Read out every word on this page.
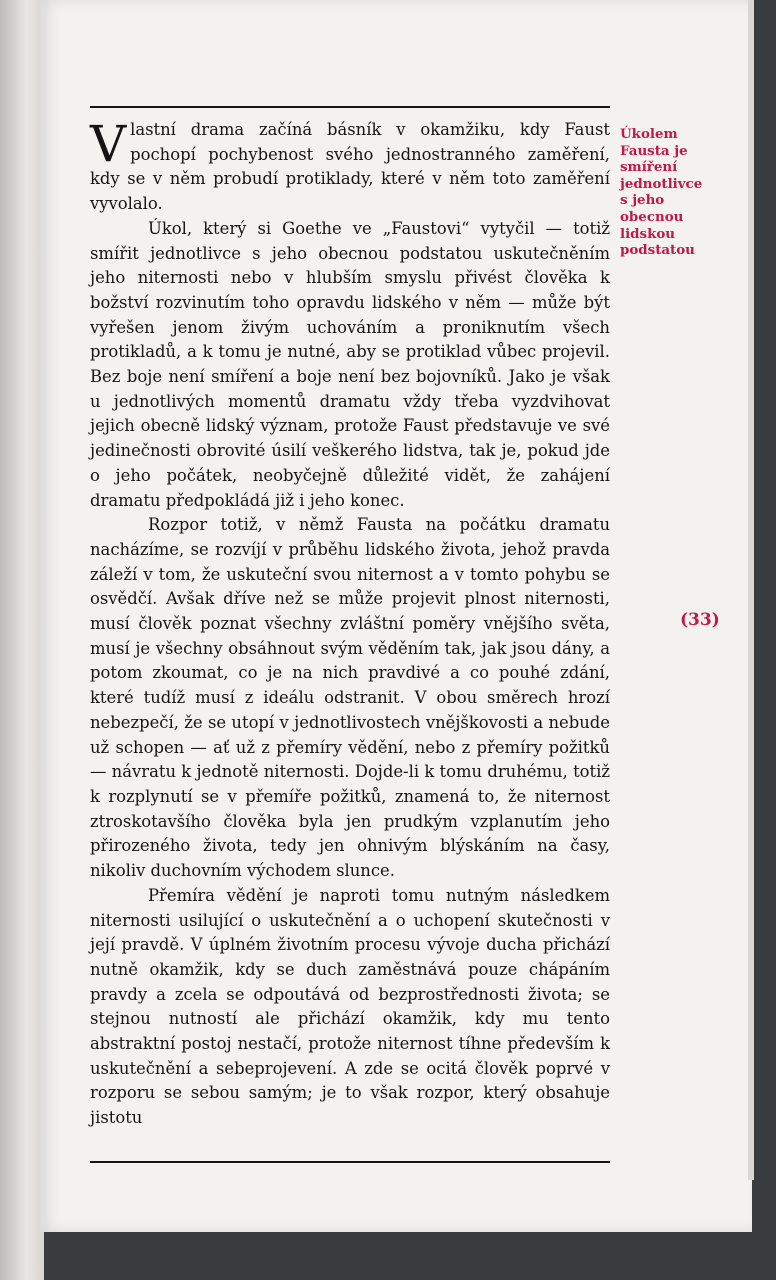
Vlastní drama začíná básník v okamžiku, kdy Faust pochopí pochybenost svého jednostranného zaměření, kdy se v něm probudí protiklady, které v něm toto zaměření vyvolalo.

Úkol, který si Goethe ve „Faustovi“ vytyčil — totiž smířit jednotlivce s jeho obecnou podstatou uskutečněním jeho niternosti nebo v hlubším smyslu přivést člověka k božství rozvinutím toho opravdu lidského v něm — může být vyřešen jenom živým uchováním a proniknutím všech protikladů, a k tomu je nutné, aby se protiklad vůbec projevil. Bez boje není smíření a boje není bez bojovníků. Jako je však u jednotlivých momentů dramatu vždy třeba vyzdvihovat jejich obecně lidský význam, protože Faust představuje ve své jedinečnosti obrovité úsilí veškerého lidstva, tak je, pokud jde o jeho počátek, neobyčejně důležité vidět, že zahájení dramatu předpokládá již i jeho konec.

Rozpor totiž, v němž Fausta na počátku dramatu nacházíme, se rozvíjí v průběhu lidského života, jehož pravda záleží v tom, že uskuteční svou niternost a v tomto pohybu se osvědčí. Avšak dříve než se může projevit plnost niternosti, musí člověk poznat všechny zvláštní poměry vnějšího světa, musí je všechny obsáhnout svým věděním tak, jak jsou dány, a potom zkoumat, co je na nich pravdivé a co pouhé zdání, které tudíž musí z ideálu odstranit. V obou směrech hrozí nebezpečí, že se utopí v jednotlivostech vnějškovosti a nebude už schopen — ať už z přemíry vědění, nebo z přemíry požitků — návratu k jednotě niternosti. Dojde-li k tomu druhému, totiž k rozplynutí se v přemíře požitků, znamená to, že niternost ztroskotavšího člověka byla jen prudkým vzplanutím jeho přirozeného života, tedy jen ohnivým blýskáním na časy, nikoliv duchovním východem slunce.

Přemíra vědění je naproti tomu nutným následkem niternosti usilující o uskutečnění a o uchopení skutečnosti v její pravdě. V úplném životním procesu vývoje ducha přichází nutně okamžik, kdy se duch zaměstnává pouze chápáním pravdy a zcela se odpoutává od bezprostřednosti života; se stejnou nutností ale přichází okamžik, kdy mu tento abstraktní postoj nestačí, protože niternost tíhne především k uskutečnění a sebeprojevení. A zde se ocitá člověk poprvé v rozporu se sebou samým; je to však rozpor, který obsahuje jistotu

Úkolem
Fausta je
smíření
jednotlivce
s jeho
obecnou
lidskou
podstatou
(33)
